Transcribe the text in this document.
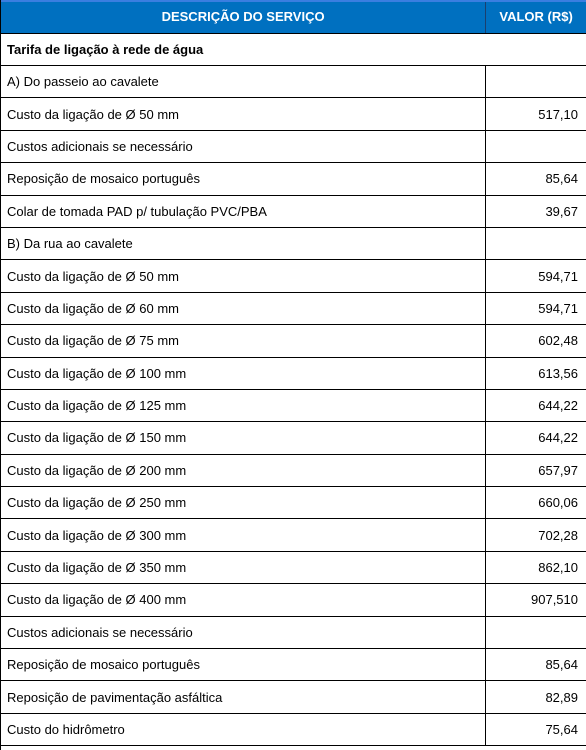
DESCRIÇÃO DO SERVIÇO	VALOR (R$)
Tarifa de ligação à rede de água
A) Do passeio ao cavalete
Custo da ligação de Ø 50 mm	517,10
Custos adicionais se necessário
Reposição de mosaico português	85,64
Colar de tomada PAD p/ tubulação PVC/PBA	39,67
B) Da rua ao cavalete
Custo da ligação de Ø 50 mm	594,71
Custo da ligação de Ø 60 mm	594,71
Custo da ligação de Ø 75 mm	602,48
Custo da ligação de Ø 100 mm	613,56
Custo da ligação de Ø 125 mm	644,22
Custo da ligação de Ø 150 mm	644,22
Custo da ligação de Ø 200 mm	657,97
Custo da ligação de Ø 250 mm	660,06
Custo da ligação de Ø 300 mm	702,28
Custo da ligação de Ø 350 mm	862,10
Custo da ligação de Ø 400 mm	907,510
Custos adicionais se necessário
Reposição de mosaico português	85,64
Reposição de pavimentação asfáltica	82,89
Custo do hidrômetro	75,64
